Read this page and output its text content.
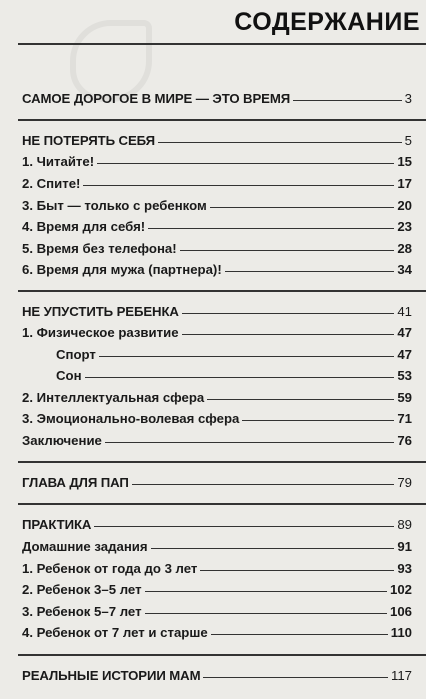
СОДЕРЖАНИЕ
САМОЕ ДОРОГОЕ В МИРЕ — ЭТО ВРЕМЯ	3
НЕ ПОТЕРЯТЬ СЕБЯ	5
1. Читайте!	15
2. Спите!	17
3. Быт — только с ребенком	20
4. Время для себя!	23
5. Время без телефона!	28
6. Время для мужа (партнера)!	34
НЕ УПУСТИТЬ РЕБЕНКА	41
1. Физическое развитие	47
Спорт	47
Сон	53
2. Интеллектуальная сфера	59
3. Эмоционально-волевая сфера	71
Заключение	76
ГЛАВА ДЛЯ ПАП	79
ПРАКТИКА	89
Домашние задания	91
1. Ребенок от года до 3 лет	93
2. Ребенок 3–5 лет	102
3. Ребенок 5–7 лет	106
4. Ребенок от 7 лет и старше	110
РЕАЛЬНЫЕ ИСТОРИИ МАМ	117
